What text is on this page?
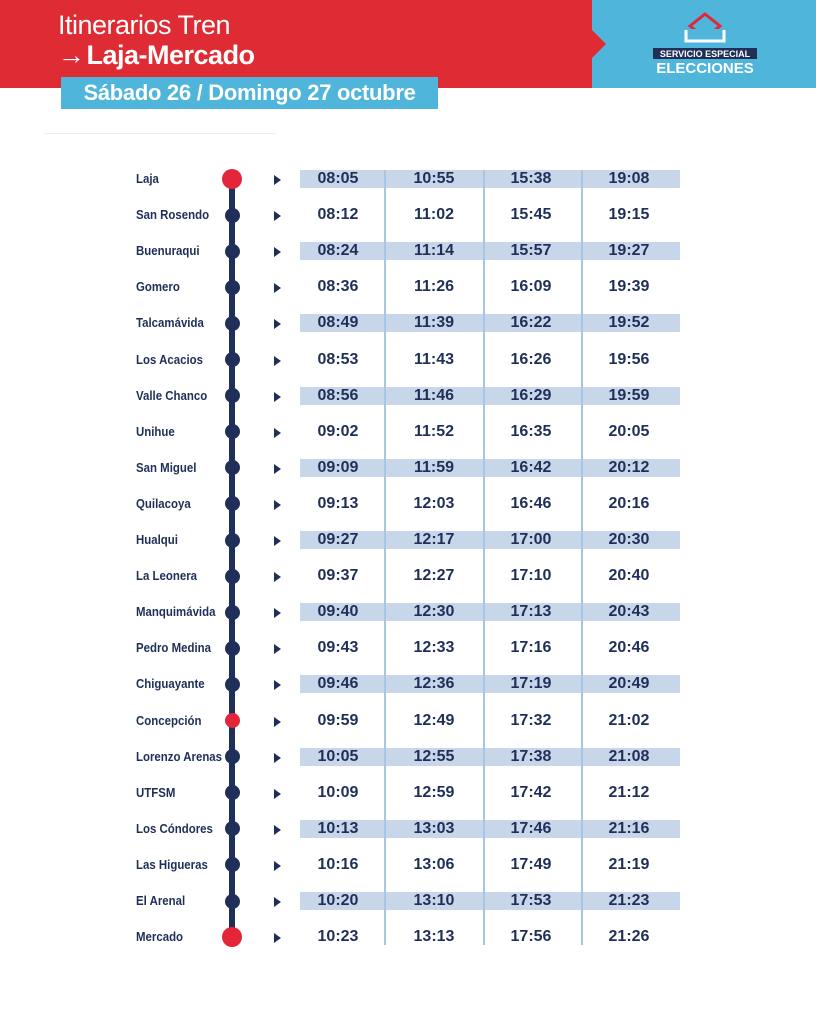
Itinerarios Tren
→ Laja-Mercado
Sábado 26 / Domingo 27 octubre
SERVICIO ESPECIAL
ELECCIONES
Laja	08:05	10:55	15:38	19:08
San Rosendo	08:12	11:02	15:45	19:15
Buenuraqui	08:24	11:14	15:57	19:27
Gomero	08:36	11:26	16:09	19:39
Talcamávida	08:49	11:39	16:22	19:52
Los Acacios	08:53	11:43	16:26	19:56
Valle Chanco	08:56	11:46	16:29	19:59
Unihue	09:02	11:52	16:35	20:05
San Miguel	09:09	11:59	16:42	20:12
Quilacoya	09:13	12:03	16:46	20:16
Hualqui	09:27	12:17	17:00	20:30
La Leonera	09:37	12:27	17:10	20:40
Manquimávida	09:40	12:30	17:13	20:43
Pedro Medina	09:43	12:33	17:16	20:46
Chiguayante	09:46	12:36	17:19	20:49
Concepción	09:59	12:49	17:32	21:02
Lorenzo Arenas	10:05	12:55	17:38	21:08
UTFSM	10:09	12:59	17:42	21:12
Los Cóndores	10:13	13:03	17:46	21:16
Las Higueras	10:16	13:06	17:49	21:19
El Arenal	10:20	13:10	17:53	21:23
Mercado	10:23	13:13	17:56	21:26
